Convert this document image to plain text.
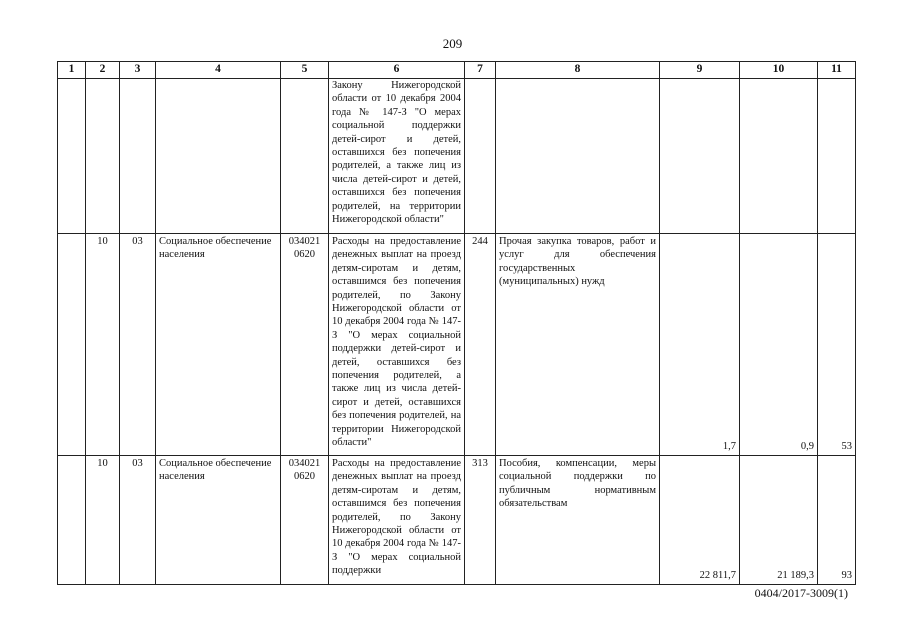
209
1	2	3	4	5	6	7	8	9	10	11
					Закону Нижегородской области от 10 декабря 2004 года № 147-З "О мерах социальной поддержки детей-сирот и детей, оставшихся без попечения родителей, а также лиц из числа детей-сирот и детей, оставшихся без попечения родителей, на территории Нижегородской области"					
	10	03	Социальное обеспечение населения	034021 0620	Расходы на предоставление денежных выплат на проезд детям-сиротам и детям, оставшимся без попечения родителей, по Закону Нижегородской области от 10 декабря 2004 года № 147-З "О мерах социальной поддержки детей-сирот и детей, оставшихся без попечения родителей, а также лиц из числа детей-сирот и детей, оставшихся без попечения родителей, на территории Нижегородской области"	244	Прочая закупка товаров, работ и услуг для обеспечения государственных (муниципальных) нужд	1,7	0,9	53
	10	03	Социальное обеспечение населения	034021 0620	Расходы на предоставление денежных выплат на проезд детям-сиротам и детям, оставшимся без попечения родителей, по Закону Нижегородской области от 10 декабря 2004 года № 147-З "О мерах социальной поддержки	313	Пособия, компенсации, меры социальной поддержки по публичным нормативным обязательствам	22 811,7	21 189,3	93
0404/2017-3009(1)
